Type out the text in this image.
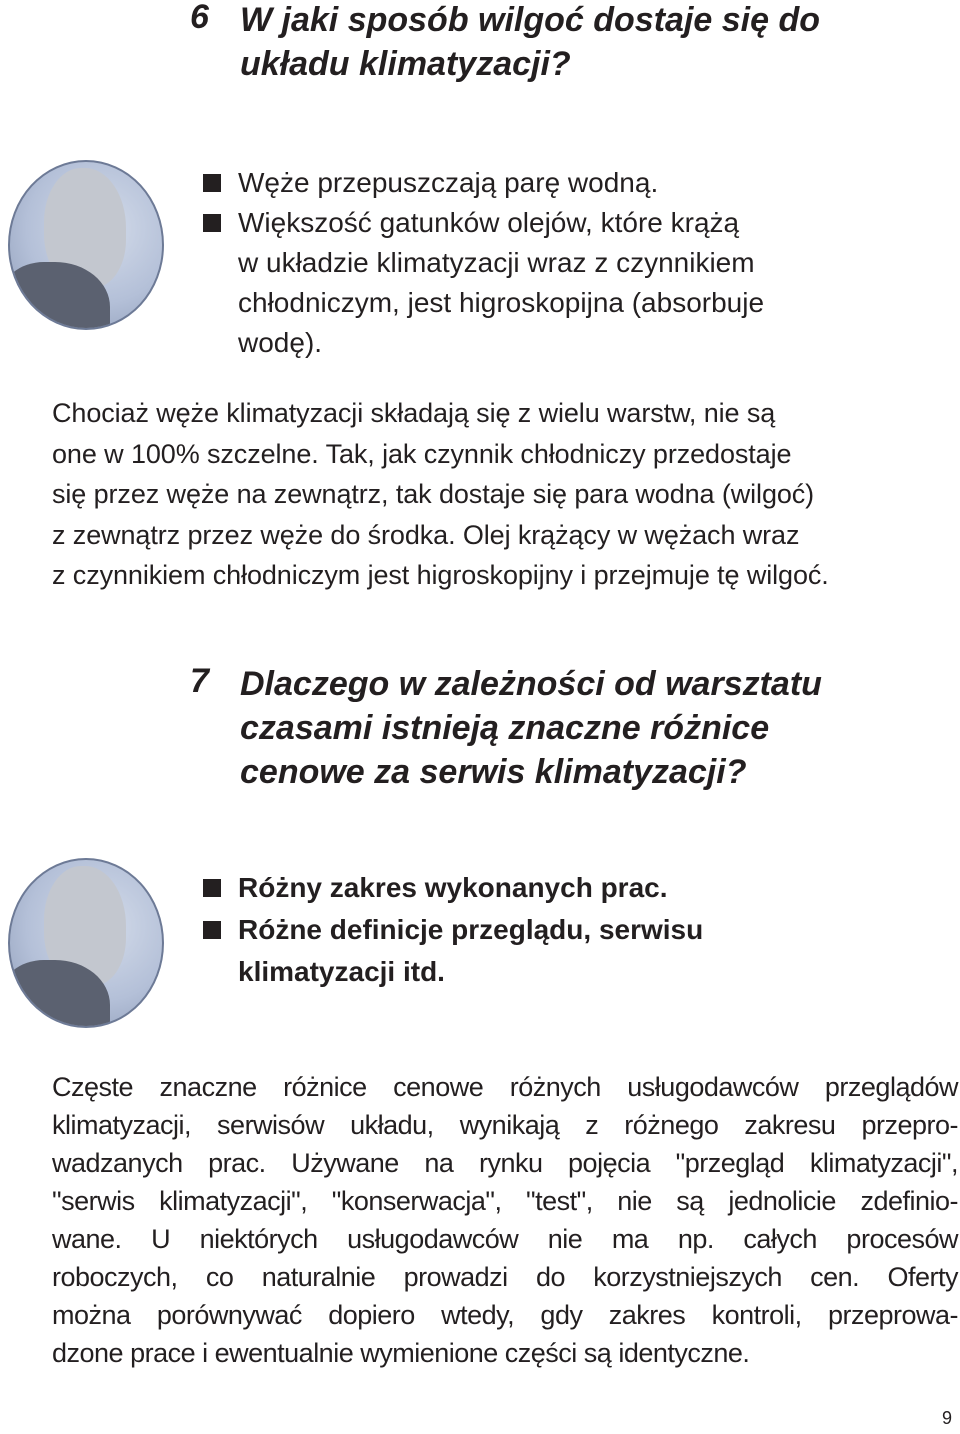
6 W jaki sposób wilgoć dostaje się do
układu klimatyzacji?
Węże przepuszczają parę wodną.
Większość gatunków olejów, które krążą
w układzie klimatyzacji wraz z czynnikiem
chłodniczym, jest higroskopijna (absorbuje
wodę).
Chociaż węże klimatyzacji składają się z wielu warstw, nie są
one w 100% szczelne. Tak, jak czynnik chłodniczy przedostaje
się przez węże na zewnątrz, tak dostaje się para wodna (wilgoć)
z zewnątrz przez węże do środka. Olej krążący w wężach wraz
z czynnikiem chłodniczym jest higroskopijny i przejmuje tę wilgoć.
7 Dlaczego w zależności od warsztatu
czasami istnieją znaczne różnice
cenowe za serwis klimatyzacji?
Różny zakres wykonanych prac.
Różne definicje przeglądu, serwisu
klimatyzacji itd.
Częste znaczne różnice cenowe różnych usługodawców przeglądów
klimatyzacji, serwisów układu, wynikają z różnego zakresu przepro-
wadzanych prac. Używane na rynku pojęcia "przegląd klimatyzacji",
"serwis klimatyzacji", "konserwacja", "test", nie są jednolicie zdefinio-
wane. U niektórych usługodawców nie ma np. całych procesów
roboczych, co naturalnie prowadzi do korzystniejszych cen. Oferty
można porównywać dopiero wtedy, gdy zakres kontroli, przeprowa-
dzone prace i ewentualnie wymienione części są identyczne.
9
